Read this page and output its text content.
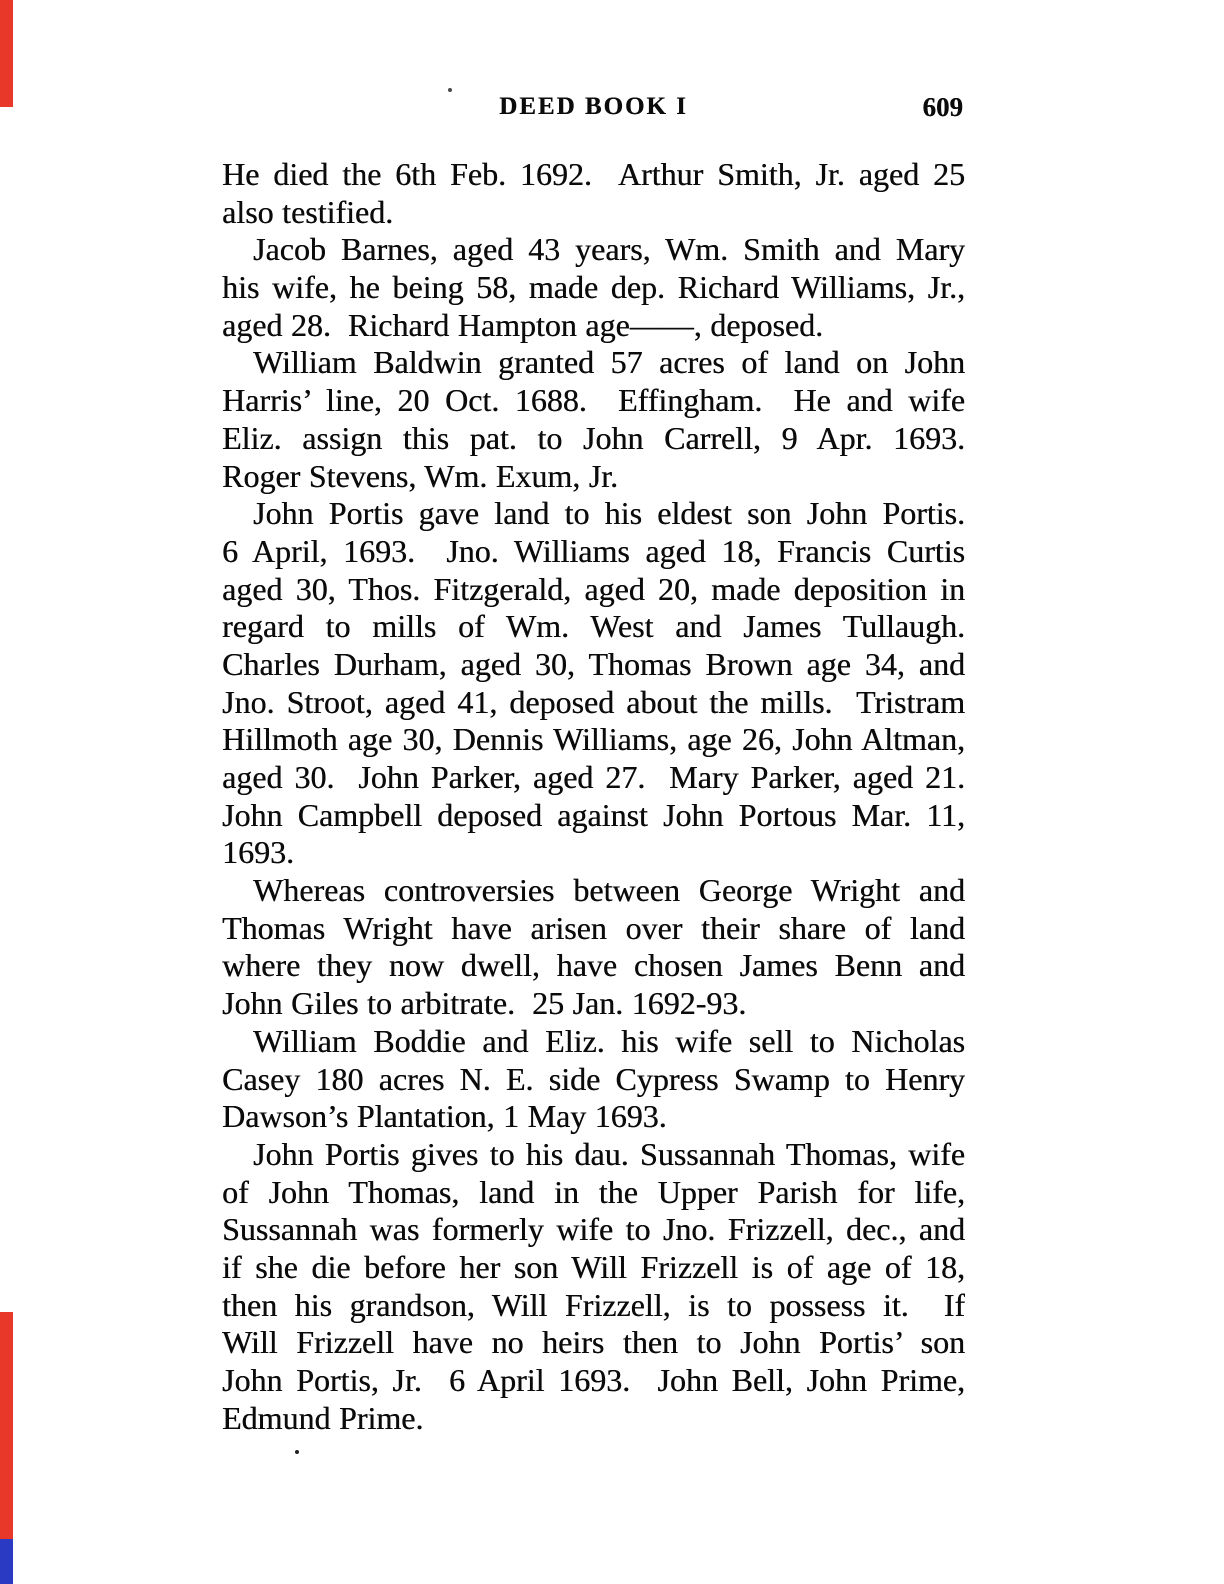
DEED BOOK I	609
He died the 6th Feb. 1692.  Arthur Smith, Jr. aged 25
also testified.
Jacob Barnes, aged 43 years, Wm. Smith and Mary
his wife, he being 58, made dep. Richard Williams, Jr.,
aged 28.  Richard Hampton age——, deposed.
William Baldwin granted 57 acres of land on John
Harris’ line, 20 Oct. 1688.  Effingham.  He and wife
Eliz. assign this pat. to John Carrell, 9 Apr. 1693.
Roger Stevens, Wm. Exum, Jr.
John Portis gave land to his eldest son John Portis.
6 April, 1693.  Jno. Williams aged 18, Francis Curtis
aged 30, Thos. Fitzgerald, aged 20, made deposition in
regard to mills of Wm. West and James Tullaugh.
Charles Durham, aged 30, Thomas Brown age 34, and
Jno. Stroot, aged 41, deposed about the mills.  Tristram
Hillmoth age 30, Dennis Williams, age 26, John Altman,
aged 30.  John Parker, aged 27.  Mary Parker, aged 21.
John Campbell deposed against John Portous Mar. 11,
1693.
Whereas controversies between George Wright and
Thomas Wright have arisen over their share of land
where they now dwell, have chosen James Benn and
John Giles to arbitrate.  25 Jan. 1692-93.
William Boddie and Eliz. his wife sell to Nicholas
Casey 180 acres N. E. side Cypress Swamp to Henry
Dawson’s Plantation, 1 May 1693.
John Portis gives to his dau. Sussannah Thomas, wife
of John Thomas, land in the Upper Parish for life,
Sussannah was formerly wife to Jno. Frizzell, dec., and
if she die before her son Will Frizzell is of age of 18,
then his grandson, Will Frizzell, is to possess it.  If
Will Frizzell have no heirs then to John Portis’ son
John Portis, Jr.  6 April 1693.  John Bell, John Prime,
Edmund Prime.
